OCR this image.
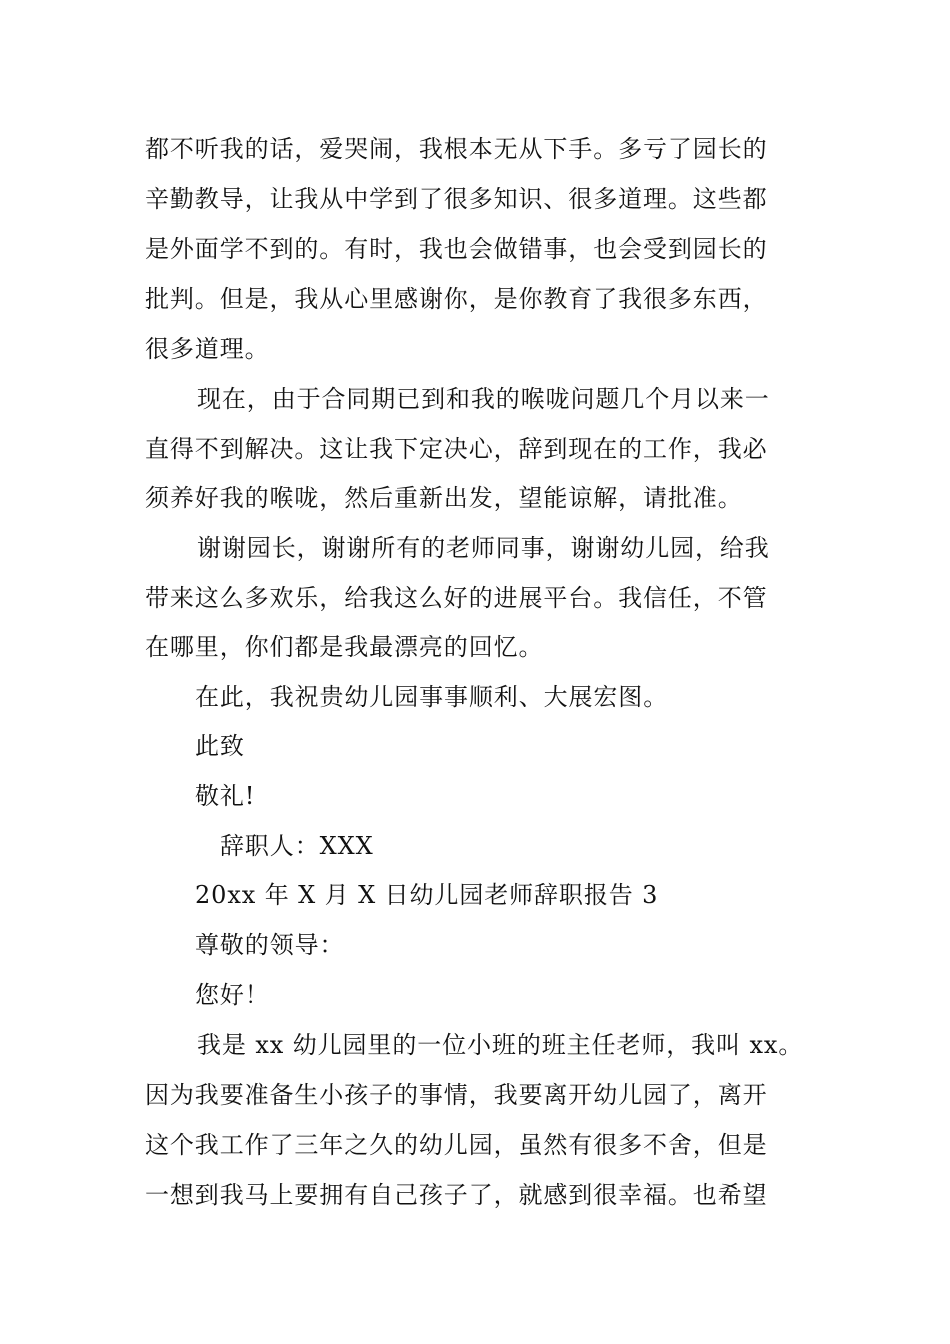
都不听我的话，爱哭闹，我根本无从下手。多亏了园长的
辛勤教导，让我从中学到了很多知识、很多道理。这些都
是外面学不到的。有时，我也会做错事，也会受到园长的
批判。但是，我从心里感谢你，是你教育了我很多东西，
很多道理。
现在，由于合同期已到和我的喉咙问题几个月以来一
直得不到解决。这让我下定决心，辞到现在的工作，我必
须养好我的喉咙，然后重新出发，望能谅解，请批准。
谢谢园长，谢谢所有的老师同事，谢谢幼儿园，给我
带来这么多欢乐，给我这么好的进展平台。我信任，不管
在哪里，你们都是我最漂亮的回忆。
在此，我祝贵幼儿园事事顺利、大展宏图。
此致
敬礼!
辞职人：XXX
20xx 年 X 月 X 日幼儿园老师辞职报告 3
尊敬的领导：
您好！
我是 xx 幼儿园里的一位小班的班主任老师，我叫 xx。
因为我要准备生小孩子的事情，我要离开幼儿园了，离开
这个我工作了三年之久的幼儿园，虽然有很多不舍，但是
一想到我马上要拥有自己孩子了，就感到很幸福。也希望
